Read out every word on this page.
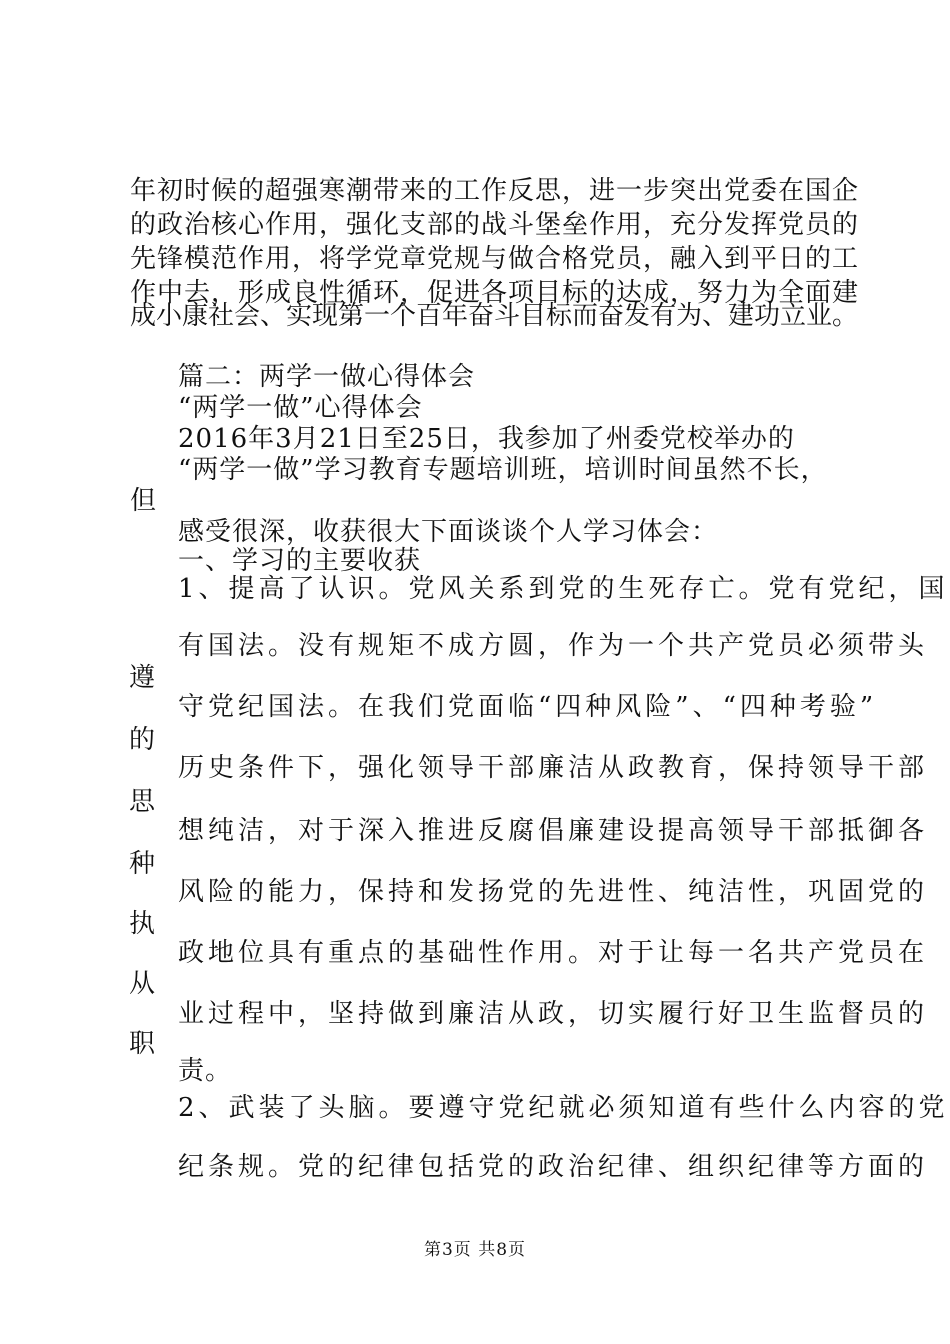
年初时候的超强寒潮带来的工作反思，进一步突出党委在国企
的政治核心作用，强化支部的战斗堡垒作用，充分发挥党员的
先锋模范作用，将学党章党规与做合格党员，融入到平日的工
作中去，形成良性循环，促进各项目标的达成，努力为全面建
成小康社会、实现第一个百年奋斗目标而奋发有为、建功立业。
篇二：两学一做心得体会
“两学一做”心得体会
2016年3月21日至25日，我参加了州委党校举办的
“两学一做”学习教育专题培训班，培训时间虽然不长，
但
感受很深，收获很大下面谈谈个人学习体会：
一、学习的主要收获
1、提高了认识。党风关系到党的生死存亡。党有党纪，国
有国法。没有规矩不成方圆，作为一个共产党员必须带头
守党纪国法。在我们党面临“四种风险”、“四种考验”
历史条件下，强化领导干部廉洁从政教育，保持领导干部
想纯洁，对于深入推进反腐倡廉建设提高领导干部抵御各
风险的能力，保持和发扬党的先进性、纯洁性，巩固党的
政地位具有重点的基础性作用。对于让每一名共产党员在
业过程中，坚持做到廉洁从政，切实履行好卫生监督员的
责。
遵
的
思
种
执
从
职
2、武装了头脑。要遵守党纪就必须知道有些什么内容的党
纪条规。党的纪律包括党的政治纪律、组织纪律等方面的
第3页 共8页
